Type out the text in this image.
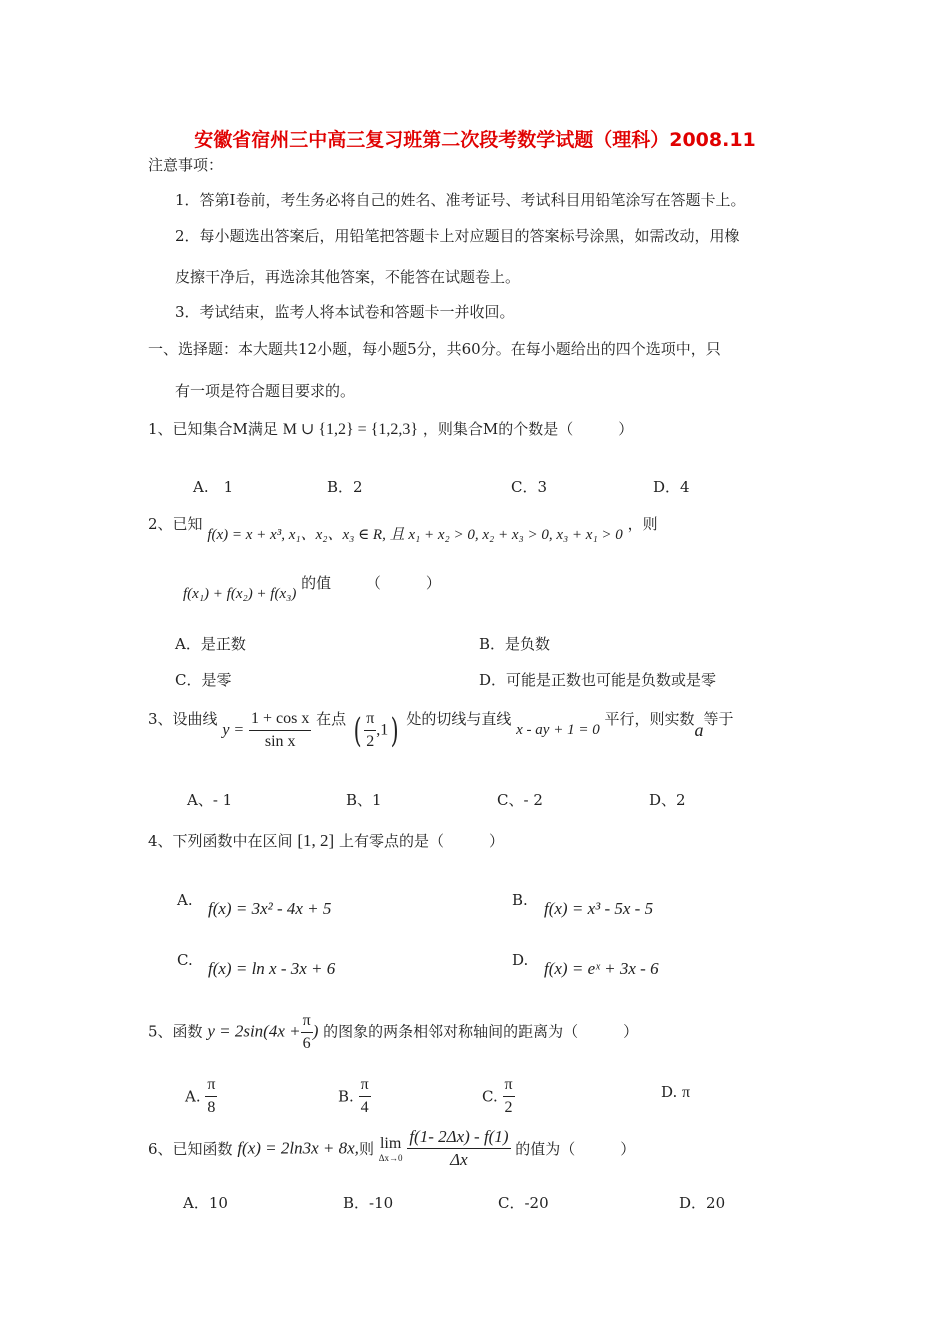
安徽省宿州三中高三复习班第二次段考数学试题（理科）2008.11
注意事项：
1．答第Ⅰ卷前，考生务必将自己的姓名、准考证号、考试科目用铅笔涂写在答题卡上。
2．每小题选出答案后，用铅笔把答题卡上对应题目的答案标号涂黑，如需改动，用橡
皮擦干净后，再选涂其他答案，不能答在试题卷上。
3．考试结束，监考人将本试卷和答题卡一并收回。
一、选择题：本大题共12小题，每小题5分，共60分。在每小题给出的四个选项中，只
有一项是符合题目要求的。
1、已知集合M满足 M ∪ {1,2} = {1,2,3} ，则集合M的个数是（　　　）
A.　1	B．2	C．3	D．4
2、已知 f(x) = x + x³, x₁、x₂、x₃ ∈ R, 且 x₁ + x₂ > 0, x₂ + x₃ > 0, x₃ + x₁ > 0 ，则
f(x₁) + f(x₂) + f(x₃) 的值 （　　　）
A．是正数	B．是负数
C．是零	D．可能是正数也可能是负数或是零
3、设曲线 $y = \frac{\text{1 + cos x}}{\text{sin x}}$ 在点 ( $\frac{\pi}{2} ,1$) 处的切线与直线 x - ay + 1 = 0 平行，则实数a等于
A、- 1	B、1	C、- 2	D、2
4、下列函数中在区间 [1, 2] 上有零点的是（　　　）
A. f(x) = 3x² - 4x + 5	B. f(x) = x³ - 5x - 5
C. f(x) = ln x - 3x + 6	D. f(x) = eˣ + 3x - 6
5、函数 $y = 2\sin(4x + \frac{\pi}{6}$ ) 的图象的两条相邻对称轴间的距离为（　　　）
A. $\frac{\pi}{8}$	B. $\frac{\pi}{4}$	C. $\frac{\pi}{2}$	D. π
6、已知函数 f(x) = 2ln3x + 8x,则 lim
Δx→0
$\frac{f(1- 2\Delta x) - f(1)}{\Delta x}$ 的值为（　　　）
A．10	B．-10	C．-20	D．20
